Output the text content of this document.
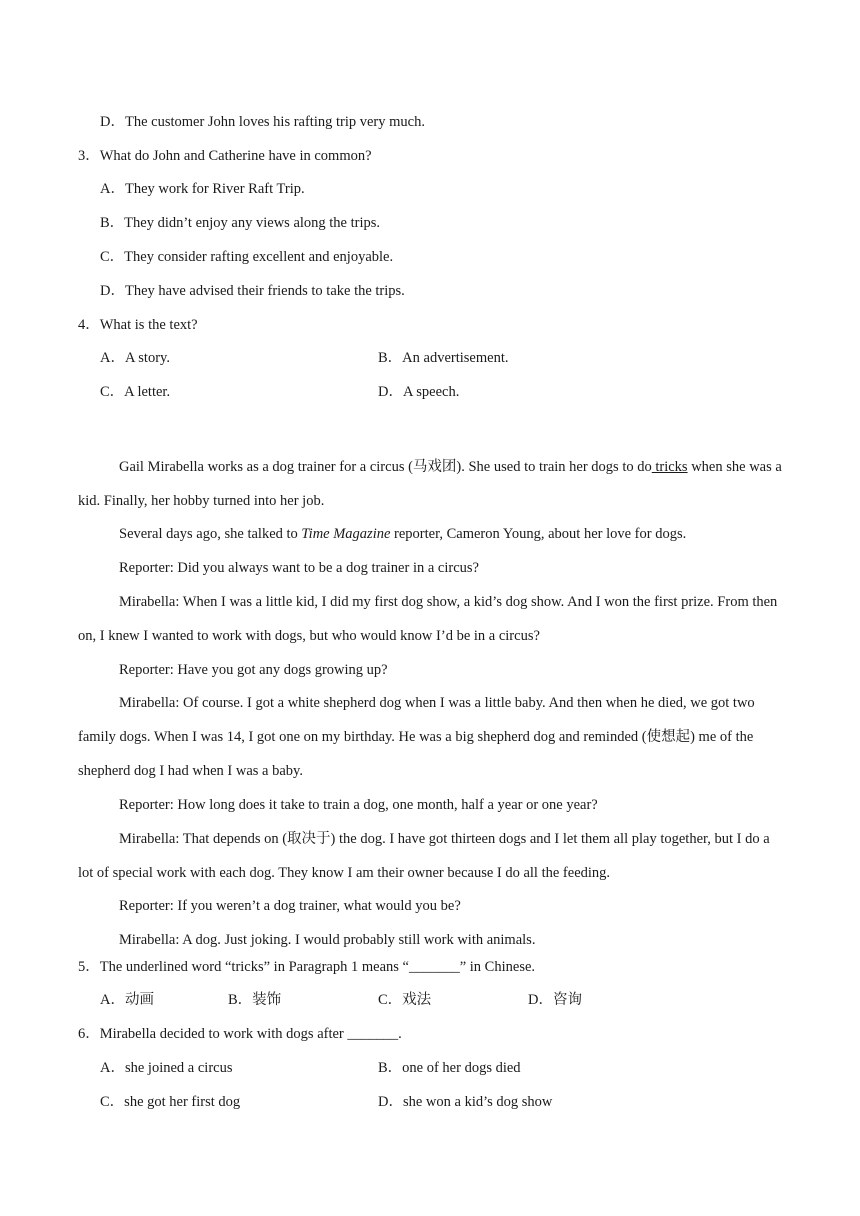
D．The customer John loves his rafting trip very much.
3．What do John and Catherine have in common?
A．They work for River Raft Trip.
B．They didn’t enjoy any views along the trips.
C．They consider rafting excellent and enjoyable.
D．They have advised their friends to take the trips.
4．What is the text?
A．A story.	B．An advertisement.
C．A letter.	D．A speech.
Gail Mirabella works as a dog trainer for a circus (马戏团). She used to train her dogs to do tricks when she was a kid. Finally, her hobby turned into her job.
Several days ago, she talked to Time Magazine reporter, Cameron Young, about her love for dogs.
Reporter: Did you always want to be a dog trainer in a circus?
Mirabella: When I was a little kid, I did my first dog show, a kid’s dog show. And I won the first prize. From then on, I knew I wanted to work with dogs, but who would know I’d be in a circus?
Reporter: Have you got any dogs growing up?
Mirabella: Of course. I got a white shepherd dog when I was a little baby. And then when he died, we got two family dogs. When I was 14, I got one on my birthday. He was a big shepherd dog and reminded (使想起) me of the shepherd dog I had when I was a baby.
Reporter: How long does it take to train a dog, one month, half a year or one year?
Mirabella: That depends on (取决于) the dog. I have got thirteen dogs and I let them all play together, but I do a lot of special work with each dog. They know I am their owner because I do all the feeding.
Reporter: If you weren’t a dog trainer, what would you be?
Mirabella: A dog. Just joking. I would probably still work with animals.
5．The underlined word “tricks” in Paragraph 1 means “_______” in Chinese.
A．动画	B．装饰	C．戏法	D．咨询
6．Mirabella decided to work with dogs after _______.
A．she joined a circus	B．one of her dogs died
C．she got her first dog	D．she won a kid’s dog show
